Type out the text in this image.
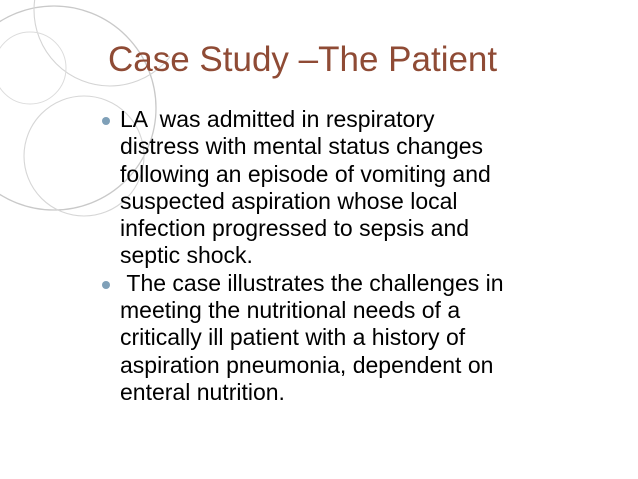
Case Study –The Patient
LA  was admitted in respiratory
distress with mental status changes
following an episode of vomiting and
suspected aspiration whose local
infection progressed to sepsis and
septic shock.
The case illustrates the challenges in
meeting the nutritional needs of a
critically ill patient with a history of
aspiration pneumonia, dependent on
enteral nutrition.
